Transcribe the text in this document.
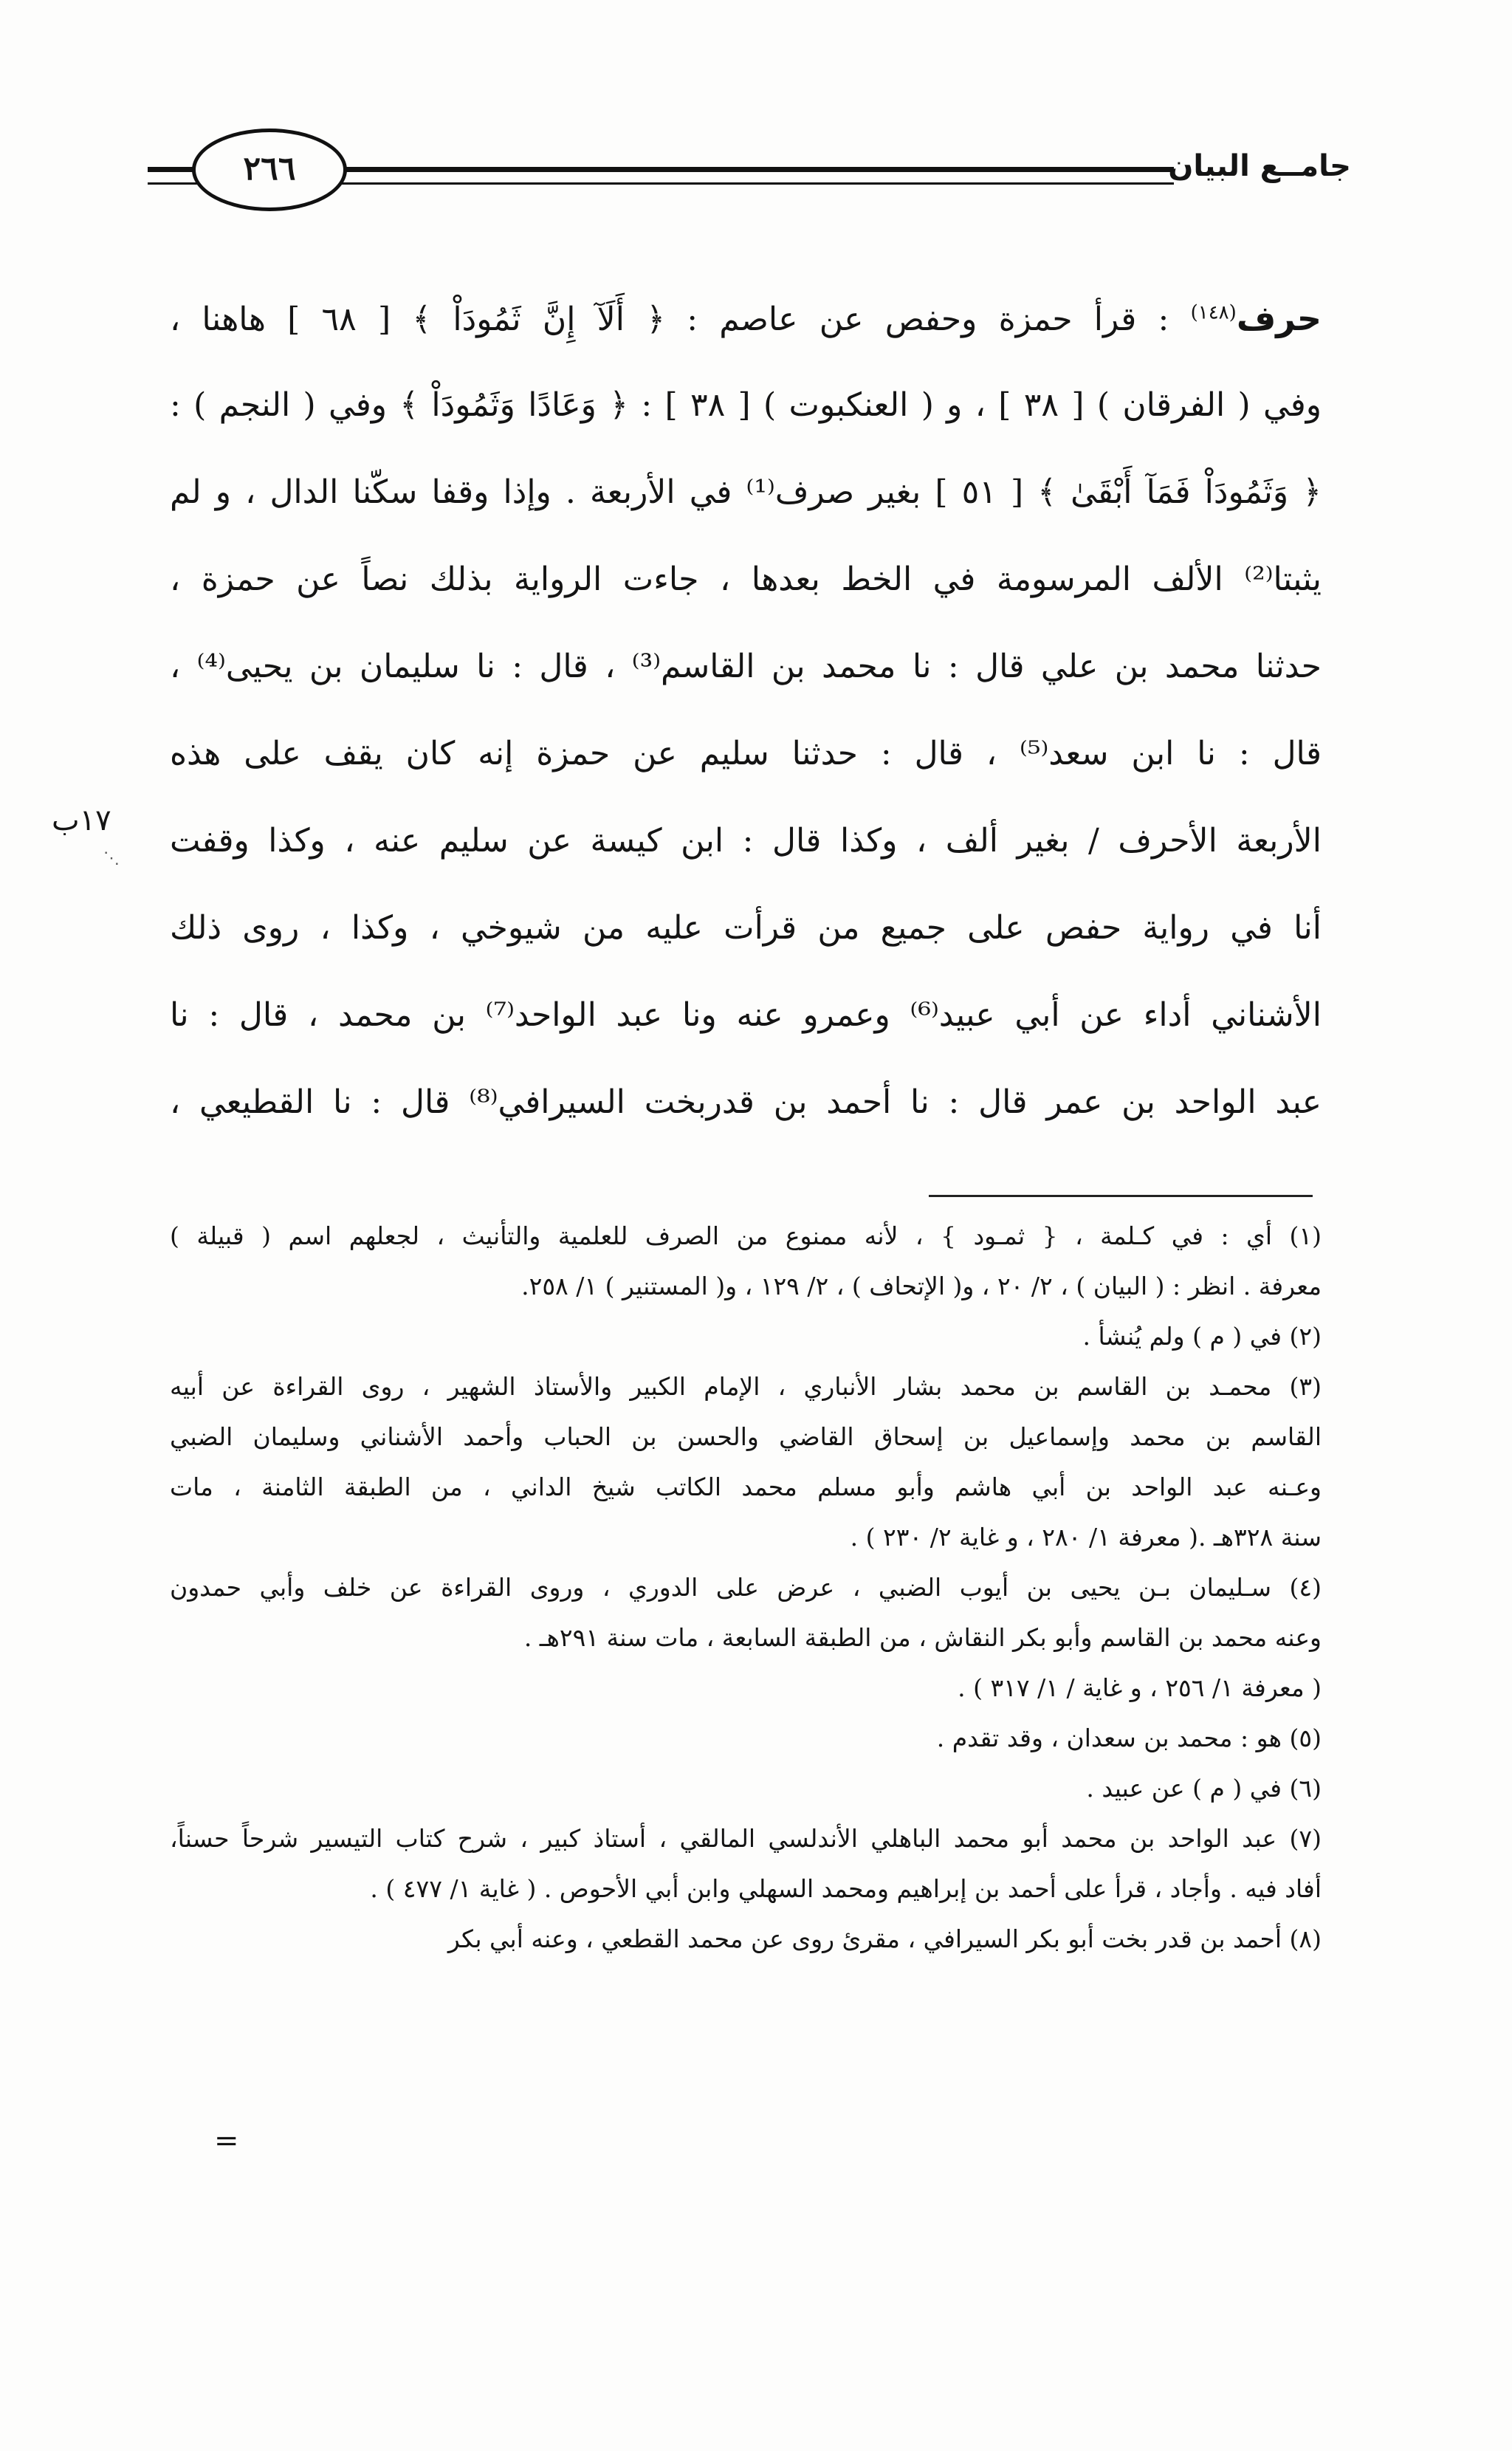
جامــع البيان
٢٦٦
١٧ب
⋰
حرف$^{(١٤٨)}$ : قرأ حمزة وحفص عن عاصم : ﴿ أَلَآ إِنَّ ثَمُودَاْ ﴾ [ ٦٨ ] هاهنا ،
وفي ( الفرقان ) [ ٣٨ ] ، و ( العنكبوت ) [ ٣٨ ] : ﴿ وَعَادًا وَثَمُودَاْ ﴾ وفي ( النجم ) :
﴿ وَثَمُودَاْ فَمَآ أَبْقَىٰ ﴾ [ ٥١ ] بغير صرف⁽¹⁾ في الأربعة . وإذا وقفا سكّنا الدال ، و لم
يثبتا⁽²⁾ الألف المرسومة في الخط بعدها ، جاءت الرواية بذلك نصاً عن حمزة ،
حدثنا محمد بن علي قال : نا محمد بن القاسم⁽³⁾ ، قال : نا سليمان بن يحيى⁽⁴⁾ ،
قال : نا ابن سعد⁽⁵⁾ ، قال : حدثنا سليم عن حمزة إنه كان يقف على هذه
الأربعة الأحرف / بغير ألف ، وكذا قال : ابن كيسة عن سليم عنه ، وكذا وقفت
أنا في رواية حفص على جميع من قرأت عليه من شيوخي ، وكذا ، روى ذلك
الأشناني أداء عن أبي عبيد⁽⁶⁾ وعمرو عنه ونا عبد الواحد⁽⁷⁾ بن محمد ، قال : نا
عبد الواحد بن عمر قال : نا أحمد بن قدربخت السيرافي⁽⁸⁾ قال : نا القطيعي ،
(١) أي : في كـلمة ، { ثمـود } ، لأنه ممنوع من الصرف للعلمية والتأنيث ، لجعلهم اسم ( قبيلة )
معرفة . انظر : ( البيان ) ، ٢/ ٢٠ ، و( الإتحاف ) ، ٢/ ١٢٩ ، و( المستنير ) ١/ ٢٥٨.
(٢) في ( م ) ولم يُنشأ .
(٣) محمـد بن القاسم بن محمد بشار الأنباري ، الإمام الكبير والأستاذ الشهير ، روى القراءة عن أبيه
القاسم بن محمد وإسماعيل بن إسحاق القاضي والحسن بن الحباب وأحمد الأشناني وسليمان الضبي
وعـنه عبد الواحد بن أبي هاشم وأبو مسلم محمد الكاتب شيخ الداني ، من الطبقة الثامنة ، مات
سنة ٣٢٨هـ .( معرفة ١/ ٢٨٠ ، و غاية ٢/ ٢٣٠ ) .
(٤) سـليمان بـن يحيى بن أيوب الضبي ، عرض على الدوري ، وروى القراءة عن خلف وأبي حمدون
وعنه محمد بن القاسم وأبو بكر النقاش ، من الطبقة السابعة ، مات سنة ٢٩١هـ .
( معرفة ١/ ٢٥٦ ، و غاية / ١/ ٣١٧ ) .
(٥) هو : محمد بن سعدان ، وقد تقدم .
(٦) في ( م ) عن عبيد .
(٧) عبد الواحد بن محمد أبو محمد الباهلي الأندلسي المالقي ، أستاذ كبير ، شرح كتاب التيسير شرحاً حسناً،
أفاد فيه . وأجاد ، قرأ على أحمد بن إبراهيم ومحمد السهلي وابن أبي الأحوص . ( غاية ١/ ٤٧٧ ) .
(٨) أحمد بن قدر بخت أبو بكر السيرافي ، مقرئ روى عن محمد القطعي ، وعنه أبي بكر
=
